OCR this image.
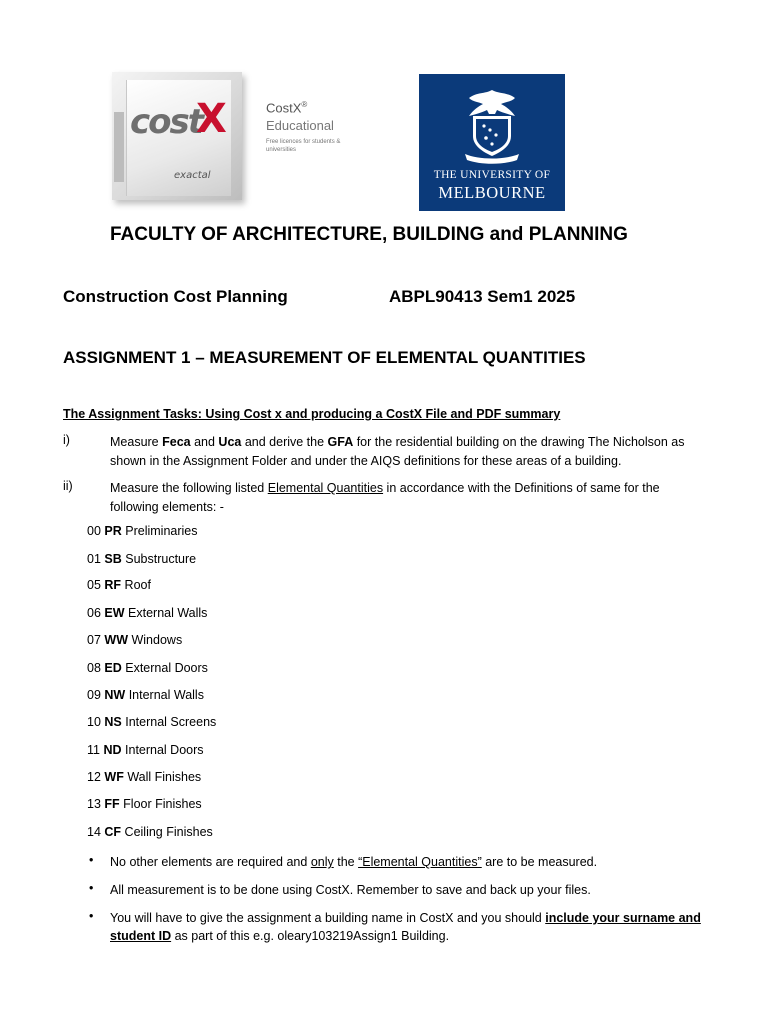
cost
X
exactal
CostX®
Educational
Free licences for students & universities
THE UNIVERSITY OF
MELBOURNE
FACULTY OF ARCHITECTURE, BUILDING and PLANNING
Construction Cost Planning	ABPL90413 Sem1 2025
ASSIGNMENT 1 – MEASUREMENT OF ELEMENTAL QUANTITIES
The Assignment Tasks: Using Cost x and producing a CostX File and PDF summary
i)	Measure Feca and Uca and derive the GFA for the residential building on the drawing The Nicholson as shown in the Assignment Folder and under the AIQS definitions for these areas of a building.
ii)	Measure the following listed Elemental Quantities in accordance with the Definitions of same for the following elements: -
00 PR Preliminaries
01 SB Substructure
05 RF Roof
06 EW External Walls
07 WW Windows
08 ED External Doors
09 NW Internal Walls
10 NS Internal Screens
11 ND Internal Doors
12 WF Wall Finishes
13 FF Floor Finishes
14 CF Ceiling Finishes
• No other elements are required and only the “Elemental Quantities” are to be measured.
• All measurement is to be done using CostX. Remember to save and back up your files.
• You will have to give the assignment a building name in CostX and you should include your surname and student ID as part of this e.g. oleary103219Assign1 Building.
